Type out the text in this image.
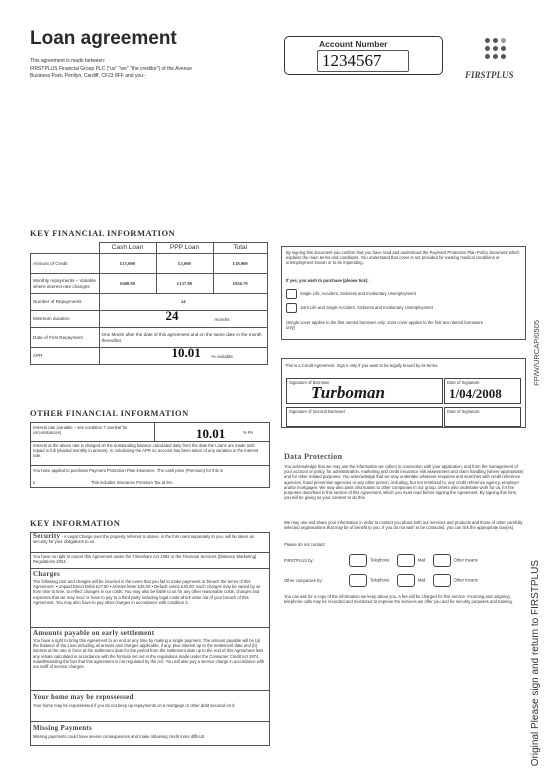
Loan agreement
This agreement is made between:
FIRSTPLUS Financial Group PLC ("us" "we" "the creditor") of the Avenue
Business Park, Penllyn, Cardiff, CF23 8FF and you:-
Account Number
1234567
FIRSTPLUS
KEY FINANCIAL INFORMATION
	Cash Loan	PPP Loan	Total
Amount of Credit	£15,000	£3,000	£18,000
Monthly repayments – Variable where interest rate changes	£688.99	£137.80	£826.79
Number of Repayments	24		
Minimum duration	24 months		

Date of First Repayment	One Month after the date of this agreement and on the same date in the month thereafter.		
APR	10.01 % variable		
By signing this document you confirm that you have read and understood the Payment Protection Plan Policy document which explains the main terms and conditions. You understand that cover is not provided for existing medical conditions or unemployment known or to be impending.
If yes, you wish to purchase (please tick):
Single Life, Accident, Sickness and Involuntary Unemployment
Joint Life and Single Accident, Sickness and Involuntary Unemployment
(Single cover applies to the first named borrower only; Joint cover applies to the first two named borrowers only)
This is a Credit Agreement. Sign it only if you want to be legally bound by its terms.
Signature of Borrower
Turboman
Date of Signature
1/04/2008
Signature of Second Borrower	Date of Signature
OTHER FINANCIAL INFORMATION
Interest rate (variable – see condition 7 overleaf for circumstances)	10.01	% PA
Interest at the above rate is charged on the outstanding balance calculated daily from the date the Loans are made until repaid in full (divided monthly in arrears). In calculating the APR no account has been taken of any variation in the interest rate.
You have applied to purchase Payment Protection Plan insurance. The cash price (Premium) for this is
£	This includes Insurance Premium Tax at 5%.
KEY INFORMATION
Security - A Legal Charge over the property referred to above, in the form sent separately to you, will be taken as security for your obligations to us.
You have no right to cancel this Agreement under the Timeshare Act 1992 or the Financial Services (Distance Marketing) Regulations 2004.
Charges
The following cost and charges will be incurred in the event that you fail to make payments or breach the terms of this Agreement: • Unpaid Direct Debit £27.50 • Arrears letter £25.00 • Default notice £40.00. Such charges may be varied by us from time to time, to reflect changes in our costs. You may also be liable to us for any other reasonable costs, charges and expenses that we may incur or have to pay to a third party including legal costs which arise out of your breach of this Agreement. You may also have to pay other charges in accordance with condition 3.
Amounts payable on early settlement
You have a right to bring this Agreement to an end at any time by making a single payment. The amount payable will be (a) the balance of the Loan including all arrears and charges applicable, if any, plus interest up to the settlement date and (b) interest at the rate in force at the settlement date for the period from the settlement date up to the end of this Agreement less any rebate calculated in accordance with the formula set out in the regulations made under the Consumer Credit Act 1974, notwithstanding the fact that this agreement is not regulated by the Act. You will also pay a service charge in accordance with our tariff of service charges.
Your home may be repossessed
Your home may be repossessed if you do not keep up repayments on a mortgage or other debt secured on it.
Missing Payments
Missing payments could have severe consequences and make obtaining credit more difficult.
Data Protection
You acknowledge that we may use the information we collect in connection with your application, and from the management of your account or policy, for administration, marketing and credit insurance risk assessment and claim handling (where appropriate) and for other related purposes. You acknowledge that we may undertake whatever enquiries and searches with credit reference agencies, fraud prevention agencies or any other person, including, but not restricted to, any credit reference agency, employer and/or mortgagee. We may also pass information to other companies in our group, others who undertake work for us, for the purposes described in this section of this Agreement, which you must read before signing the Agreement. By signing this form, you will be giving us your consent to do this.
We may use and share your information in order to contact you about both our services and products and those of other carefully selected organisations that may be of benefit to you. If you do not wish to be contacted, you can tick the appropriate box(es).
Please do not contact:
FIRSTPLUS by:	Telephone	Mail	Other means
Other companies by:	Telephone	Mail	Other means
You can ask for a copy of the information we keep about you. A fee will be charged for this service. Incoming and outgoing telephone calls may be recorded and monitored to improve the services we offer you and for security purposes and training.
FP/W/URCAP/0505
Original Please sign and return to FIRSTPLUS
